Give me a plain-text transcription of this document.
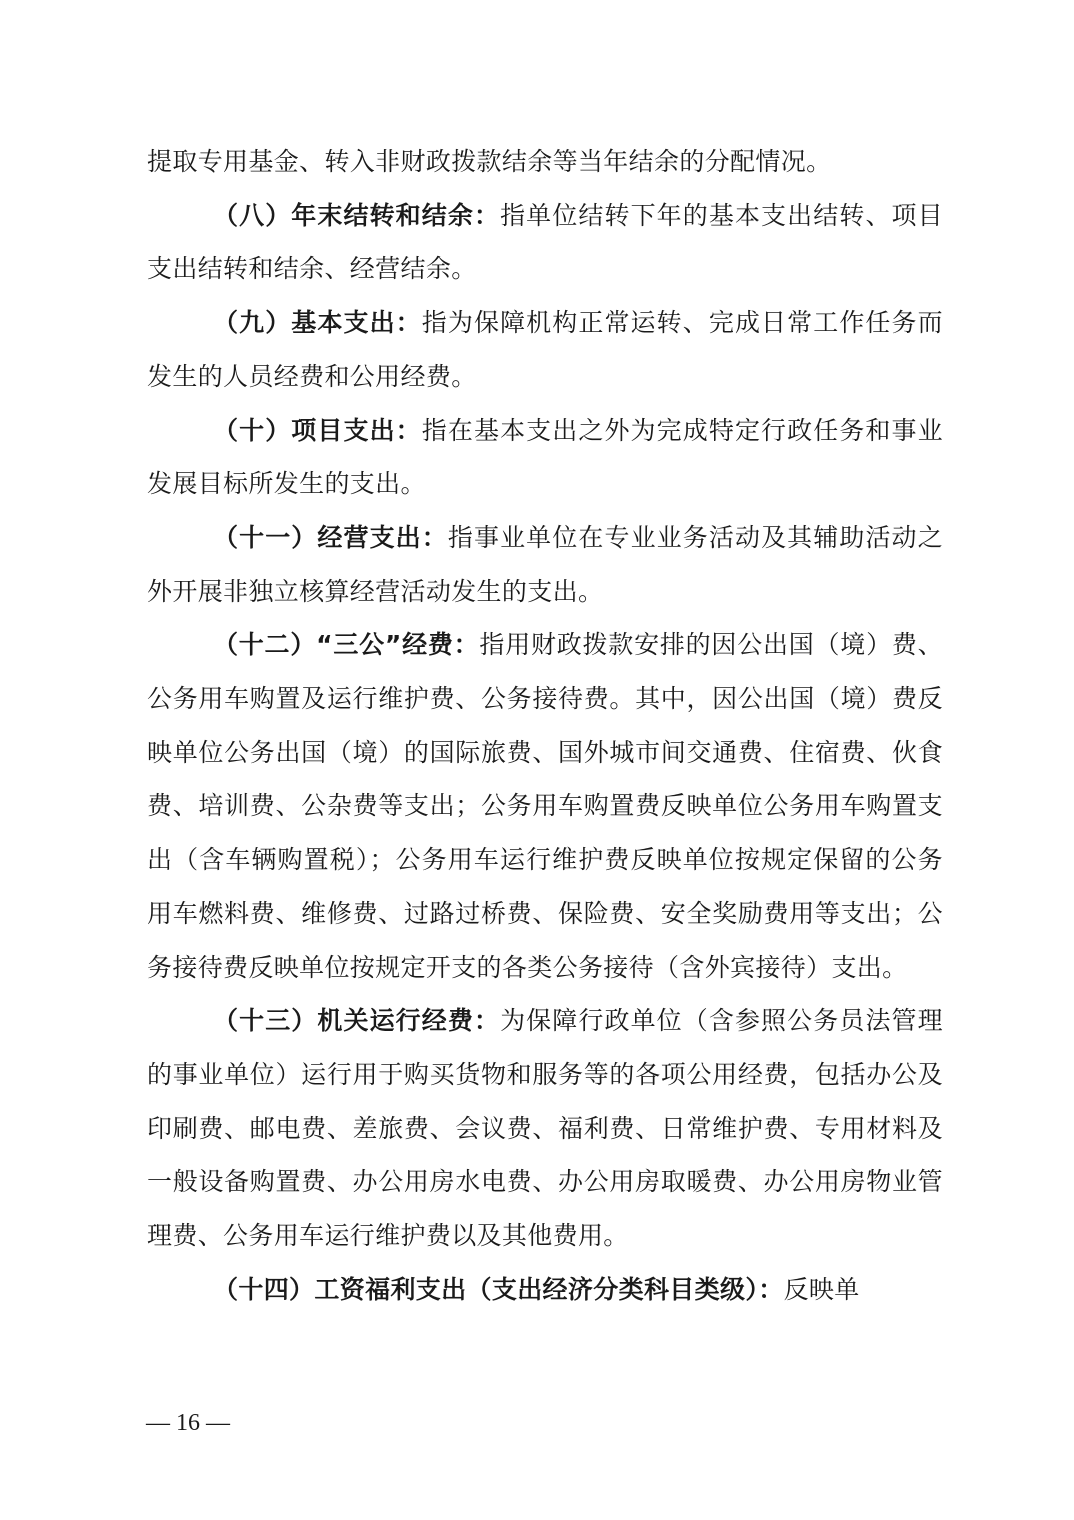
提取专用基金、转入非财政拨款结余等当年结余的分配情况。

（八）年末结转和结余：指单位结转下年的基本支出结转、项目支出结转和结余、经营结余。

（九）基本支出：指为保障机构正常运转、完成日常工作任务而发生的人员经费和公用经费。

（十）项目支出：指在基本支出之外为完成特定行政任务和事业发展目标所发生的支出。

（十一）经营支出：指事业单位在专业业务活动及其辅助活动之外开展非独立核算经营活动发生的支出。

（十二）“三公”经费：指用财政拨款安排的因公出国（境）费、公务用车购置及运行维护费、公务接待费。其中，因公出国（境）费反映单位公务出国（境）的国际旅费、国外城市间交通费、住宿费、伙食费、培训费、公杂费等支出；公务用车购置费反映单位公务用车购置支出（含车辆购置税）；公务用车运行维护费反映单位按规定保留的公务用车燃料费、维修费、过路过桥费、保险费、安全奖励费用等支出；公务接待费反映单位按规定开支的各类公务接待（含外宾接待）支出。

（十三）机关运行经费：为保障行政单位（含参照公务员法管理的事业单位）运行用于购买货物和服务等的各项公用经费，包括办公及印刷费、邮电费、差旅费、会议费、福利费、日常维护费、专用材料及一般设备购置费、办公用房水电费、办公用房取暖费、办公用房物业管理费、公务用车运行维护费以及其他费用。

（十四）工资福利支出（支出经济分类科目类级）：反映单

— 16 —
